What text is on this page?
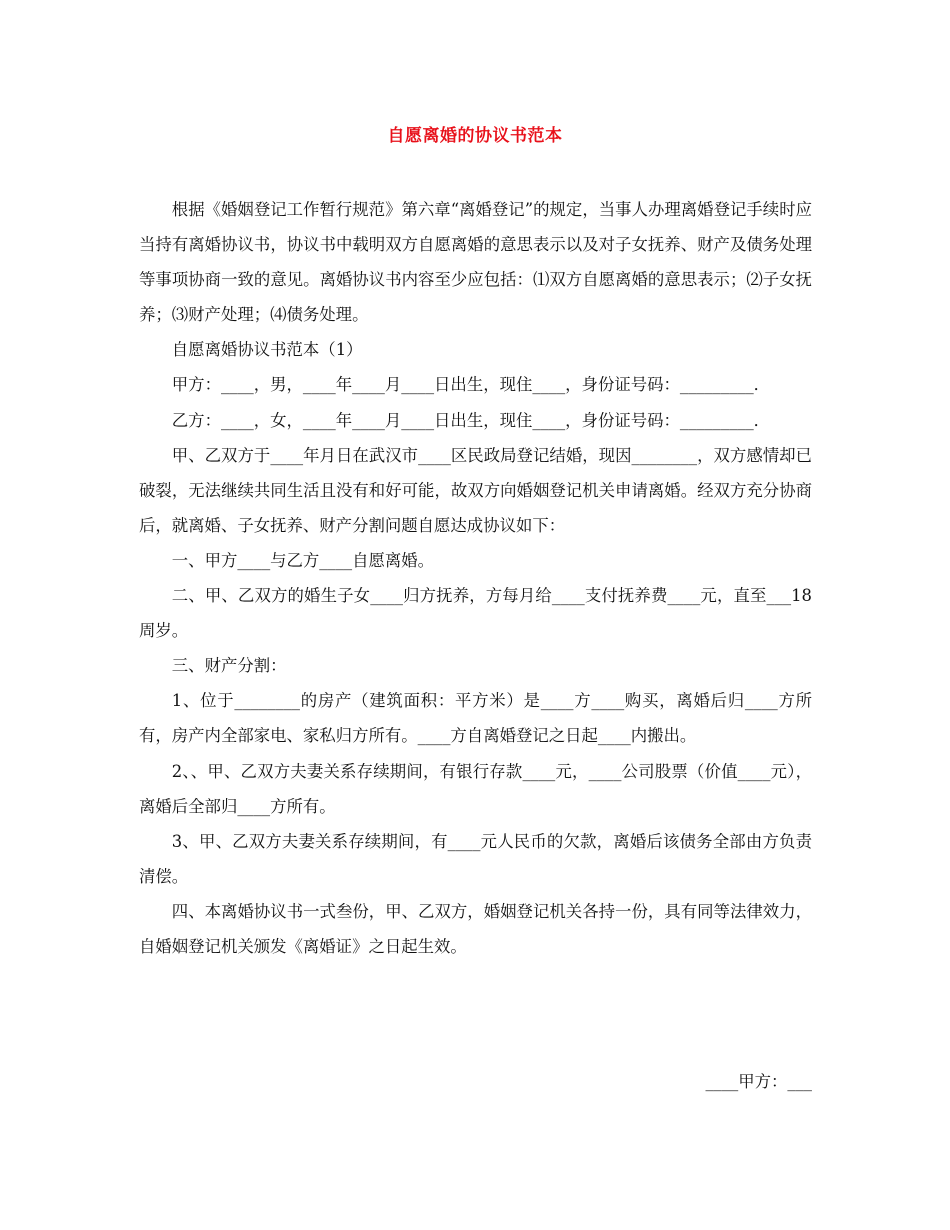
自愿离婚的协议书范本

根据《婚姻登记工作暂行规范》第六章“离婚登记”的规定，当事人办理离婚登记手续时应当持有离婚协议书，协议书中载明双方自愿离婚的意思表示以及对子女抚养、财产及债务处理等事项协商一致的意见。离婚协议书内容至少应包括：⑴双方自愿离婚的意思表示；⑵子女抚养；⑶财产处理；⑷债务处理。

自愿离婚协议书范本（1）

甲方：____，男，____年____月____日出生，现住____，身份证号码：_________．

乙方：____，女，____年____月____日出生，现住____，身份证号码：_________．

甲、乙双方于____年月日在武汉市____区民政局登记结婚，现因________，双方感情却已破裂，无法继续共同生活且没有和好可能，故双方向婚姻登记机关申请离婚。经双方充分协商后，就离婚、子女抚养、财产分割问题自愿达成协议如下：

一、甲方____与乙方____自愿离婚。

二、甲、乙双方的婚生子女____归方抚养，方每月给____支付抚养费____元，直至___18周岁。

三、财产分割：

1、位于________的房产（建筑面积：平方米）是____方____购买，离婚后归____方所有，房产内全部家电、家私归方所有。____方自离婚登记之日起____内搬出。

2、、甲、乙双方夫妻关系存续期间，有银行存款____元，____公司股票（价值____元），离婚后全部归____方所有。

3、甲、乙双方夫妻关系存续期间，有____元人民币的欠款，离婚后该债务全部由方负责清偿。

四、本离婚协议书一式叁份，甲、乙双方，婚姻登记机关各持一份，具有同等法律效力，自婚姻登记机关颁发《离婚证》之日起生效。

____甲方：___
